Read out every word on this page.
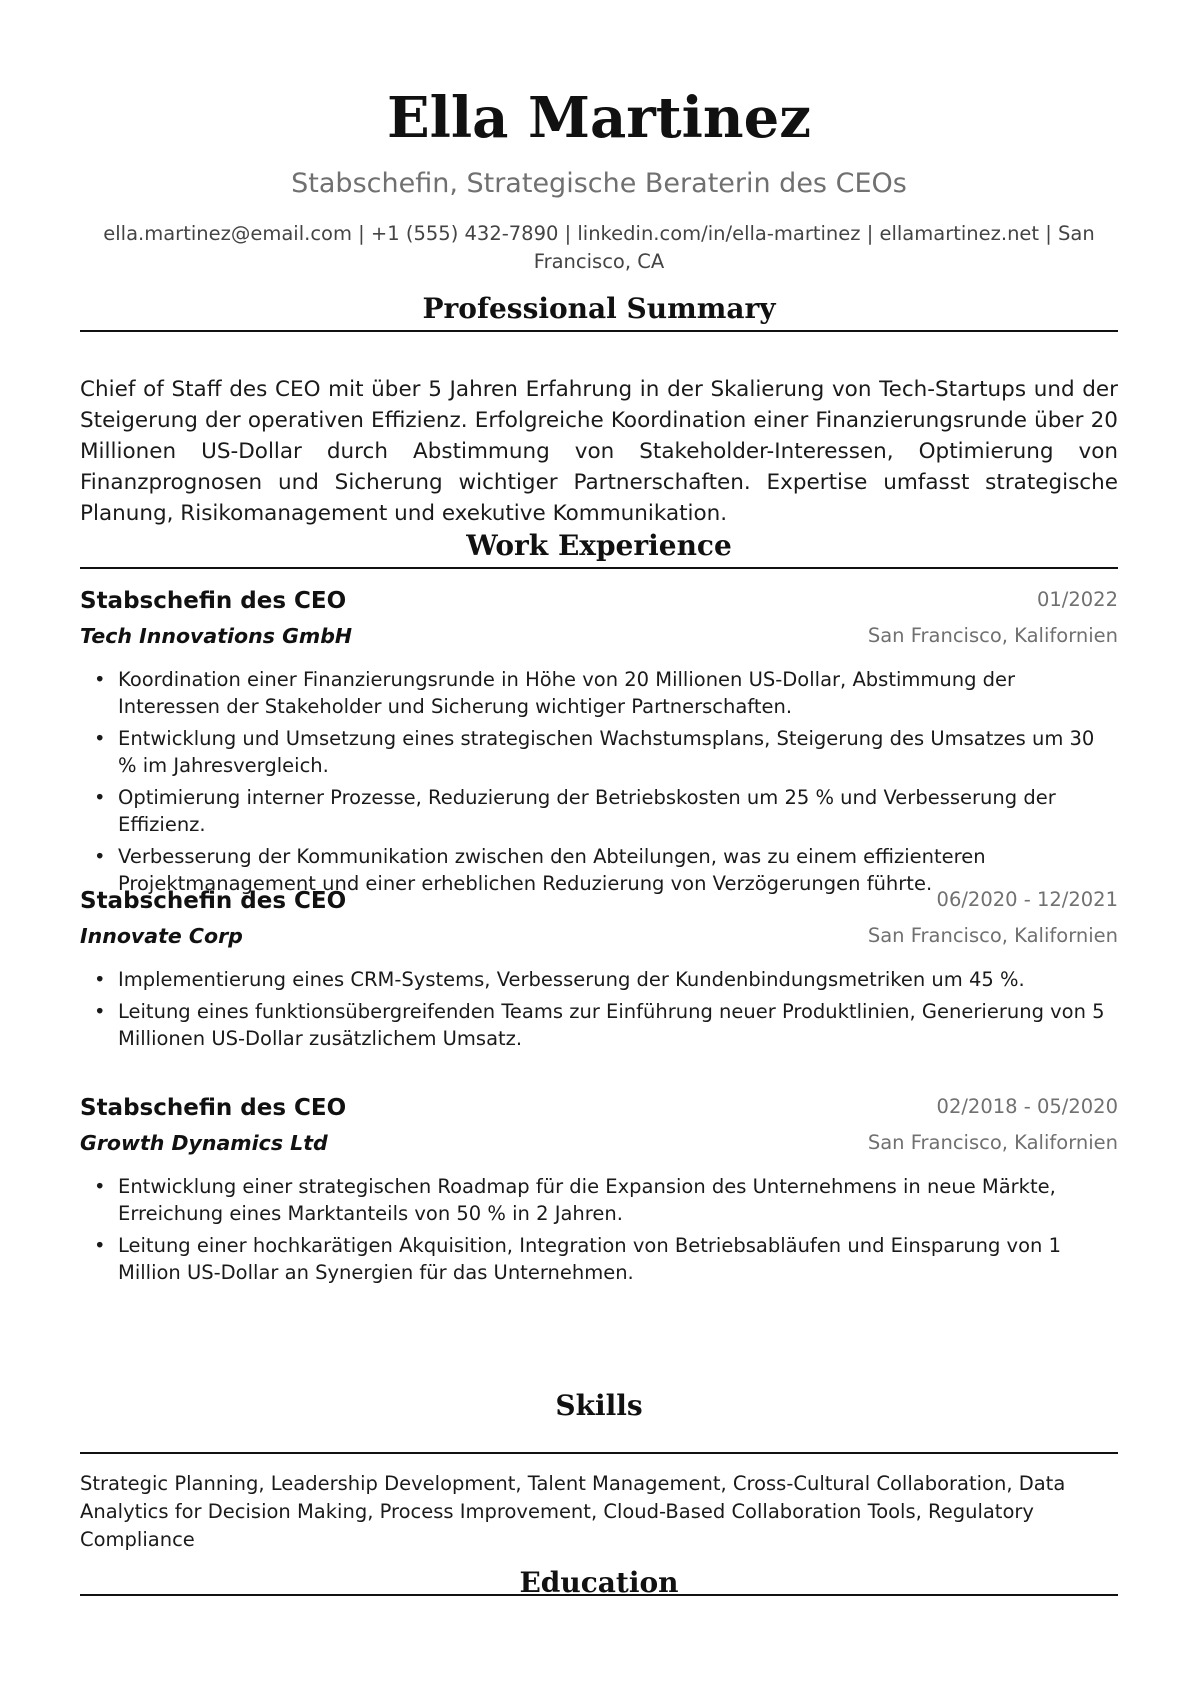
Ella Martinez
Stabschefin, Strategische Beraterin des CEOs
ella.martinez@email.com | +1 (555) 432-7890 | linkedin.com/in/ella-martinez | ellamartinez.net | San Francisco, CA
Professional Summary
Chief of Staff des CEO mit über 5 Jahren Erfahrung in der Skalierung von Tech-Startups und der Steigerung der operativen Effizienz. Erfolgreiche Koordination einer Finanzierungsrunde über 20 Millionen US-Dollar durch Abstimmung von Stakeholder-Interessen, Optimierung von Finanzprognosen und Sicherung wichtiger Partnerschaften. Expertise umfasst strategische Planung, Risikomanagement und exekutive Kommunikation.
Work Experience
Stabschefin des CEO	01/2022
Tech Innovations GmbH	San Francisco, Kalifornien
• Koordination einer Finanzierungsrunde in Höhe von 20 Millionen US-Dollar, Abstimmung der Interessen der Stakeholder und Sicherung wichtiger Partnerschaften.
• Entwicklung und Umsetzung eines strategischen Wachstumsplans, Steigerung des Umsatzes um 30 % im Jahresvergleich.
• Optimierung interner Prozesse, Reduzierung der Betriebskosten um 25 % und Verbesserung der Effizienz.
• Verbesserung der Kommunikation zwischen den Abteilungen, was zu einem effizienteren Projektmanagement und einer erheblichen Reduzierung von Verzögerungen führte.
Stabschefin des CEO	06/2020 - 12/2021
Innovate Corp	San Francisco, Kalifornien
• Implementierung eines CRM-Systems, Verbesserung der Kundenbindungsmetriken um 45 %.
• Leitung eines funktionsübergreifenden Teams zur Einführung neuer Produktlinien, Generierung von 5 Millionen US-Dollar zusätzlichem Umsatz.
Stabschefin des CEO	02/2018 - 05/2020
Growth Dynamics Ltd	San Francisco, Kalifornien
• Entwicklung einer strategischen Roadmap für die Expansion des Unternehmens in neue Märkte, Erreichung eines Marktanteils von 50 % in 2 Jahren.
• Leitung einer hochkarätigen Akquisition, Integration von Betriebsabläufen und Einsparung von 1 Million US-Dollar an Synergien für das Unternehmen.
Skills
Strategic Planning, Leadership Development, Talent Management, Cross-Cultural Collaboration, Data Analytics for Decision Making, Process Improvement, Cloud-Based Collaboration Tools, Regulatory Compliance
Education
